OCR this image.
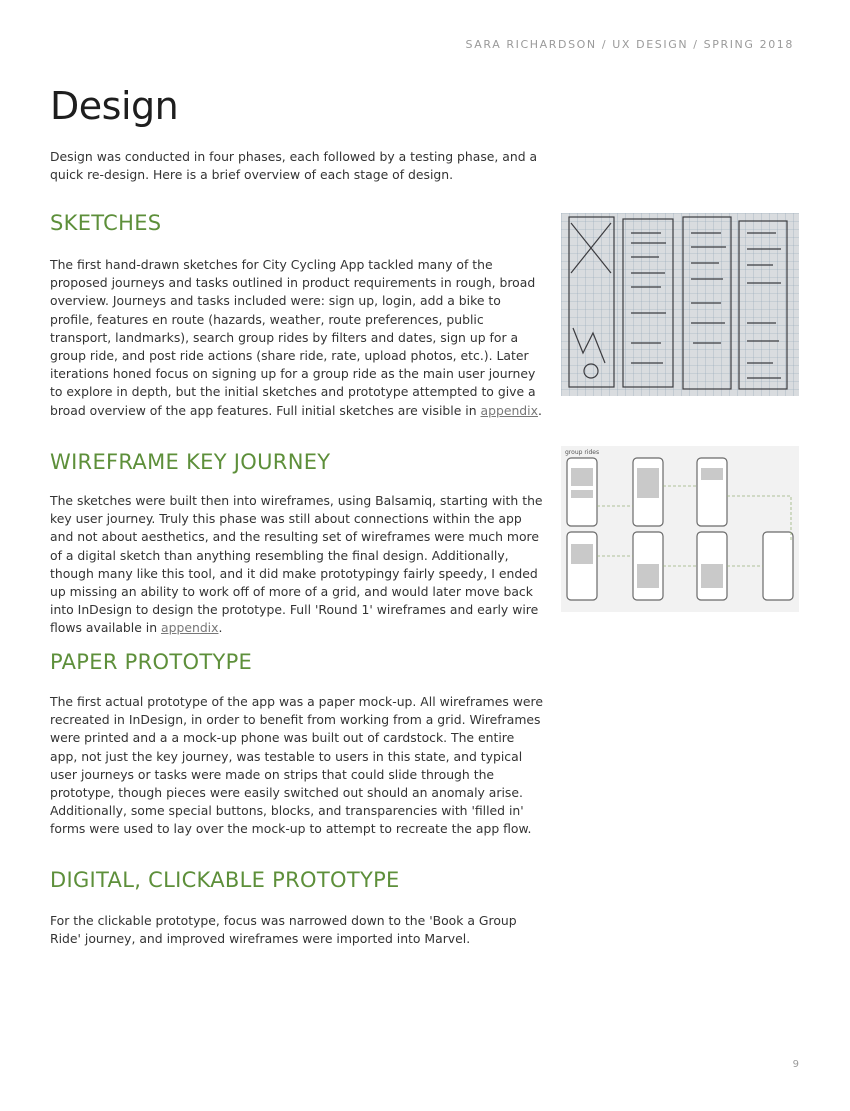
SARA RICHARDSON / UX DESIGN / SPRING 2018
Design

Design was conducted in four phases, each followed by a testing phase, and a quick re-design. Here is a brief overview of each stage of design.

SKETCHES

The first hand-drawn sketches for City Cycling App tackled many of the proposed journeys and tasks outlined in product requirements in rough, broad overview. Journeys and tasks included were: sign up, login, add a bike to profile, features en route (hazards, weather, route preferences, public transport, landmarks), search group rides by filters and dates, sign up for a group ride, and post ride actions (share ride, rate, upload photos, etc.). Later iterations honed focus on signing up for a group ride as the main user journey to explore in depth, but the initial sketches and prototype attempted to give a broad overview of the app features. Full initial sketches are visible in appendix.

WIREFRAME KEY JOURNEY

The sketches were built then into wireframes, using Balsamiq, starting with the key user journey. Truly this phase was still about connections within the app and not about aesthetics, and the resulting set of wireframes were much more of a digital sketch than anything resembling the final design. Additionally, though many like this tool, and it did make prototypingy fairly speedy, I ended up missing an ability to work off of more of a grid, and would later move back into InDesign to design the prototype. Full 'Round 1' wireframes and early wire flows available in appendix.

group rides
PAPER PROTOTYPE

The first actual prototype of the app was a paper mock-up. All wireframes were recreated in InDesign, in order to benefit from working from a grid. Wireframes were printed and a a mock-up phone was built out of cardstock. The entire app, not just the key journey, was testable to users in this state, and typical user journeys or tasks were made on strips that could slide through the prototype, though pieces were easily switched out should an anomaly arise. Additionally, some special buttons, blocks, and transparencies with 'filled in' forms were used to lay over the mock-up to attempt to recreate the app flow.

DIGITAL, CLICKABLE PROTOTYPE

For the clickable prototype, focus was narrowed down to the 'Book a Group Ride' journey, and improved wireframes were imported into Marvel.

9
